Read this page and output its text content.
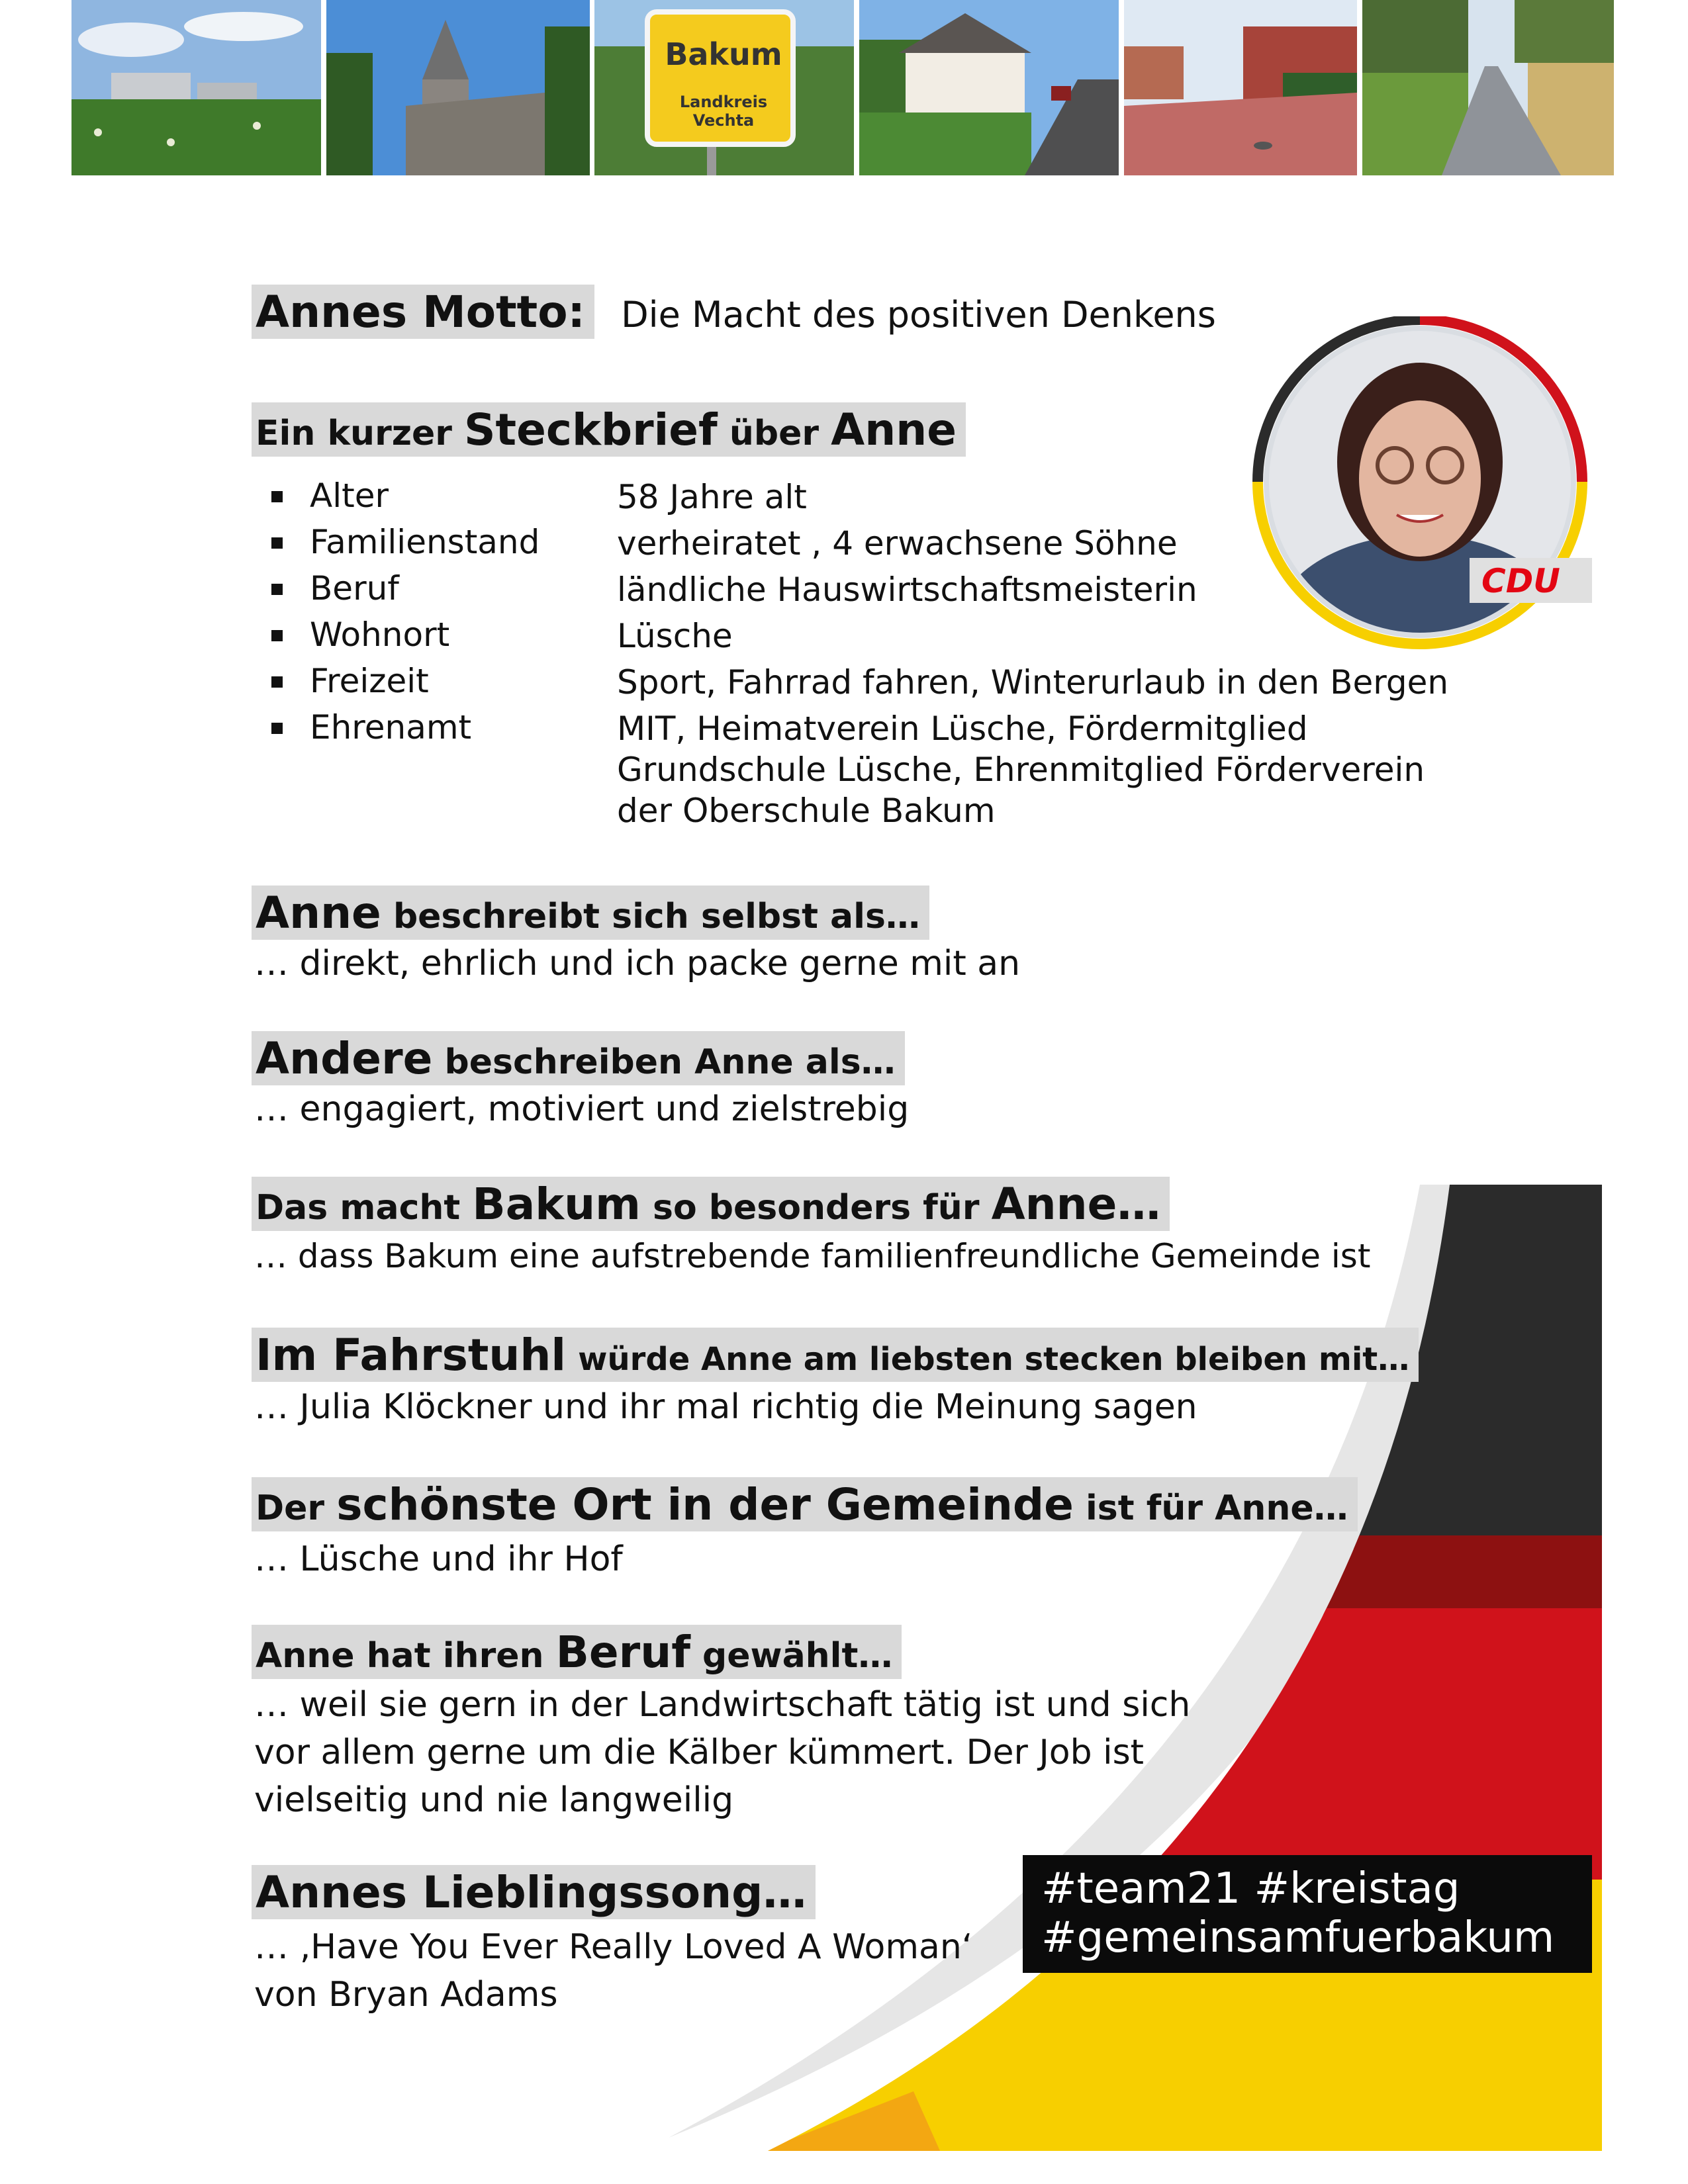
Bakum
Landkreis Vechta
Annes Motto: Die Macht des positiven Denkens
Ein kurzer Steckbrief über Anne
CDU
Alter	58 Jahre alt
Familienstand verheiratet , 4 erwachsene Söhne
Beruf	ländliche Hauswirtschaftsmeisterin
Wohnort	Lüsche
Freizeit	Sport, Fahrrad fahren, Winterurlaub in den Bergen
Ehrenamt	MIT, Heimatverein Lüsche, Fördermitglied
Grundschule Lüsche, Ehrenmitglied Förderverein
der Oberschule Bakum
Anne beschreibt sich selbst als…
… direkt, ehrlich und ich packe gerne mit an
Andere beschreiben Anne als…
… engagiert, motiviert und zielstrebig
Das macht Bakum so besonders für Anne…
… dass Bakum eine aufstrebende familienfreundliche Gemeinde ist
Im Fahrstuhl würde Anne am liebsten stecken bleiben mit…
… Julia Klöckner und ihr mal richtig die Meinung sagen
Der schönste Ort in der Gemeinde ist für Anne…
… Lüsche und ihr Hof
Anne hat ihren Beruf gewählt…
… weil sie gern in der Landwirtschaft tätig ist und sich
vor allem gerne um die Kälber kümmert. Der Job ist
vielseitig und nie langweilig
Annes Lieblingssong…
… ‚Have You Ever Really Loved A Woman‘
von Bryan Adams
#team21 #kreistag
#gemeinsamfuerbakum
